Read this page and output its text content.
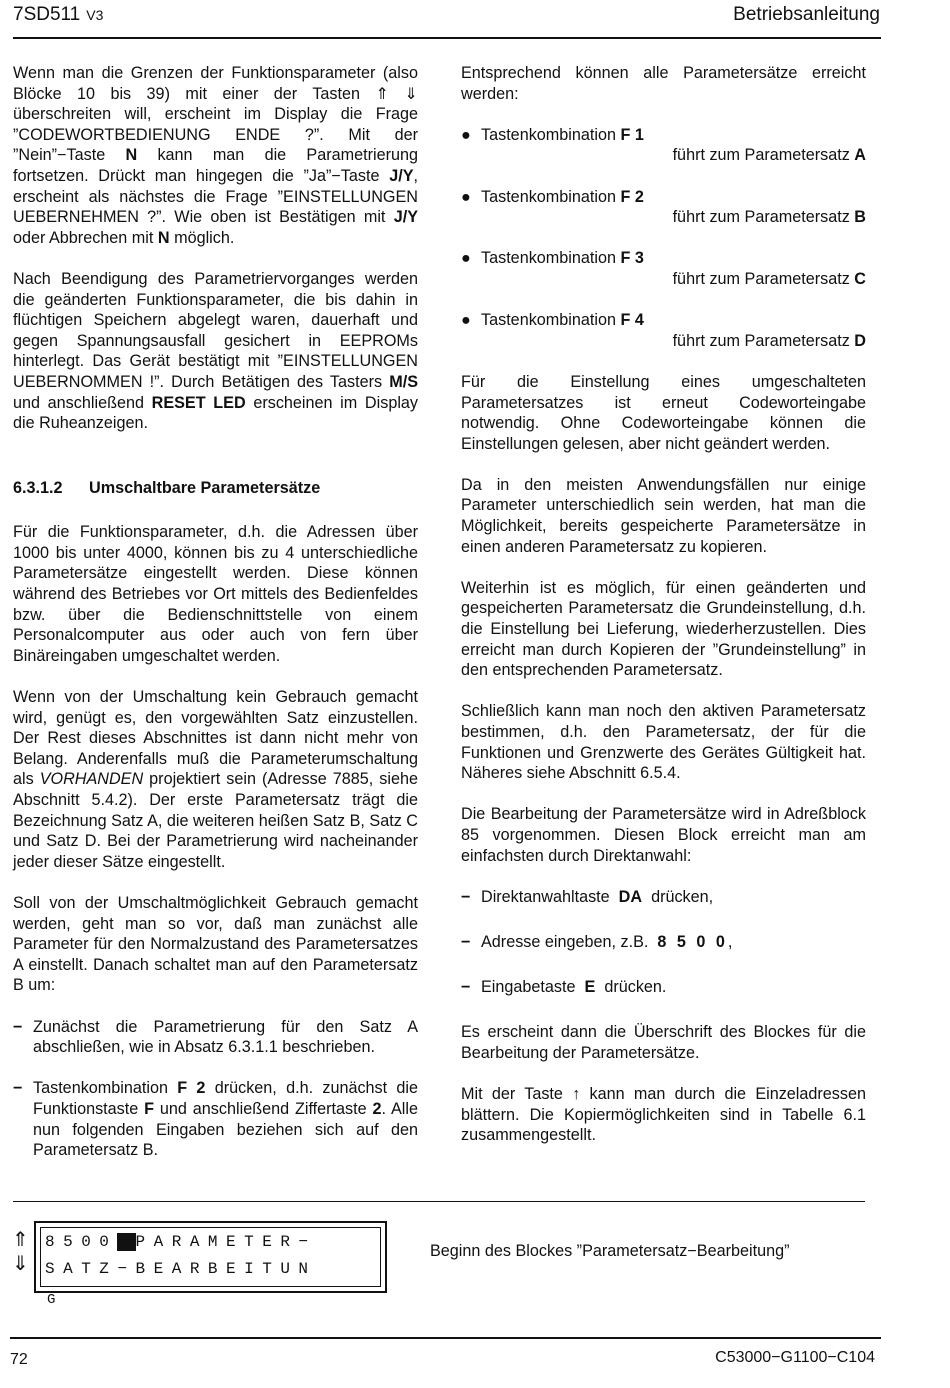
7SD511 V3	Betriebsanleitung

Wenn man die Grenzen der Funktionsparameter (also Blöcke 10 bis 39) mit einer der Tasten ⇑ ⇓ überschreiten will, erscheint im Display die Frage ”CODEWORTBEDIENUNG ENDE ?”. Mit der ”Nein”−Taste N kann man die Parametrierung fortsetzen. Drückt man hingegen die ”Ja”−Taste J/Y, erscheint als nächstes die Frage ”EINSTELLUNGEN UEBERNEHMEN ?”. Wie oben ist Bestätigen mit J/Y oder Abbrechen mit N möglich.

Nach Beendigung des Parametriervorganges werden die geänderten Funktionsparameter, die bis dahin in flüchtigen Speichern abgelegt waren, dauerhaft und gegen Spannungsausfall gesichert in EEPROMs hinterlegt. Das Gerät bestätigt mit ”EINSTELLUNGEN UEBERNOMMEN !”. Durch Betätigen des Tasters M/S und anschließend RESET LED erscheinen im Display die Ruheanzeigen.

6.3.1.2 Umschaltbare Parametersätze

Für die Funktionsparameter, d.h. die Adressen über 1000 bis unter 4000, können bis zu 4 unterschiedliche Parametersätze eingestellt werden. Diese können während des Betriebes vor Ort mittels des Bedienfeldes bzw. über die Bedienschnittstelle von einem Personalcomputer aus oder auch von fern über Binäreingaben umgeschaltet werden.

Wenn von der Umschaltung kein Gebrauch gemacht wird, genügt es, den vorgewählten Satz einzustellen. Der Rest dieses Abschnittes ist dann nicht mehr von Belang. Anderenfalls muß die Parameterumschaltung als VORHANDEN projektiert sein (Adresse 7885, siehe Abschnitt 5.4.2). Der erste Parametersatz trägt die Bezeichnung Satz A, die weiteren heißen Satz B, Satz C und Satz D. Bei der Parametrierung wird nacheinander jeder dieser Sätze eingestellt.

Soll von der Umschaltmöglichkeit Gebrauch gemacht werden, geht man so vor, daß man zunächst alle Parameter für den Normalzustand des Parametersatzes A einstellt. Danach schaltet man auf den Parametersatz B um:

− Zunächst die Parametrierung für den Satz A abschließen, wie in Absatz 6.3.1.1 beschrieben.
− Tastenkombination F 2 drücken, d.h. zunächst die Funktionstaste F und anschließend Ziffertaste 2. Alle nun folgenden Eingaben beziehen sich auf den Parametersatz B.

Entsprechend können alle Parametersätze erreicht werden:

● Tastenkombination F 1
führt zum Parametersatz A
● Tastenkombination F 2
führt zum Parametersatz B
● Tastenkombination F 3
führt zum Parametersatz C
● Tastenkombination F 4
führt zum Parametersatz D

Für die Einstellung eines umgeschalteten Parametersatzes ist erneut Codeworteingabe notwendig. Ohne Codeworteingabe können die Einstellungen gelesen, aber nicht geändert werden.

Da in den meisten Anwendungsfällen nur einige Parameter unterschiedlich sein werden, hat man die Möglichkeit, bereits gespeicherte Parametersätze in einen anderen Parametersatz zu kopieren.

Weiterhin ist es möglich, für einen geänderten und gespeicherten Parametersatz die Grundeinstellung, d.h. die Einstellung bei Lieferung, wiederherzustellen. Dies erreicht man durch Kopieren der ”Grundeinstellung” in den entsprechenden Parametersatz.

Schließlich kann man noch den aktiven Parametersatz bestimmen, d.h. den Parametersatz, der für die Funktionen und Grenzwerte des Gerätes Gültigkeit hat. Näheres siehe Abschnitt 6.5.4.

Die Bearbeitung der Parametersätze wird in Adreßblock 85 vorgenommen. Diesen Block erreicht man am einfachsten durch Direktanwahl:

− Direktanwahltaste DA drücken,
− Adresse eingeben, z.B. 8 5 0 0,
− Eingabetaste E drücken.

Es erscheint dann die Überschrift des Blockes für die Bearbeitung der Parametersätze.

Mit der Taste ↑ kann man durch die Einzeladressen blättern. Die Kopiermöglichkeiten sind in Tabelle 6.1 zusammengestellt.

⇑⇓
8500XPARAMETER−
SATZ−BEARBEITUN
G
Beginn des Blockes ”Parametersatz−Bearbeitung”
72	C53000−G1100−C104
